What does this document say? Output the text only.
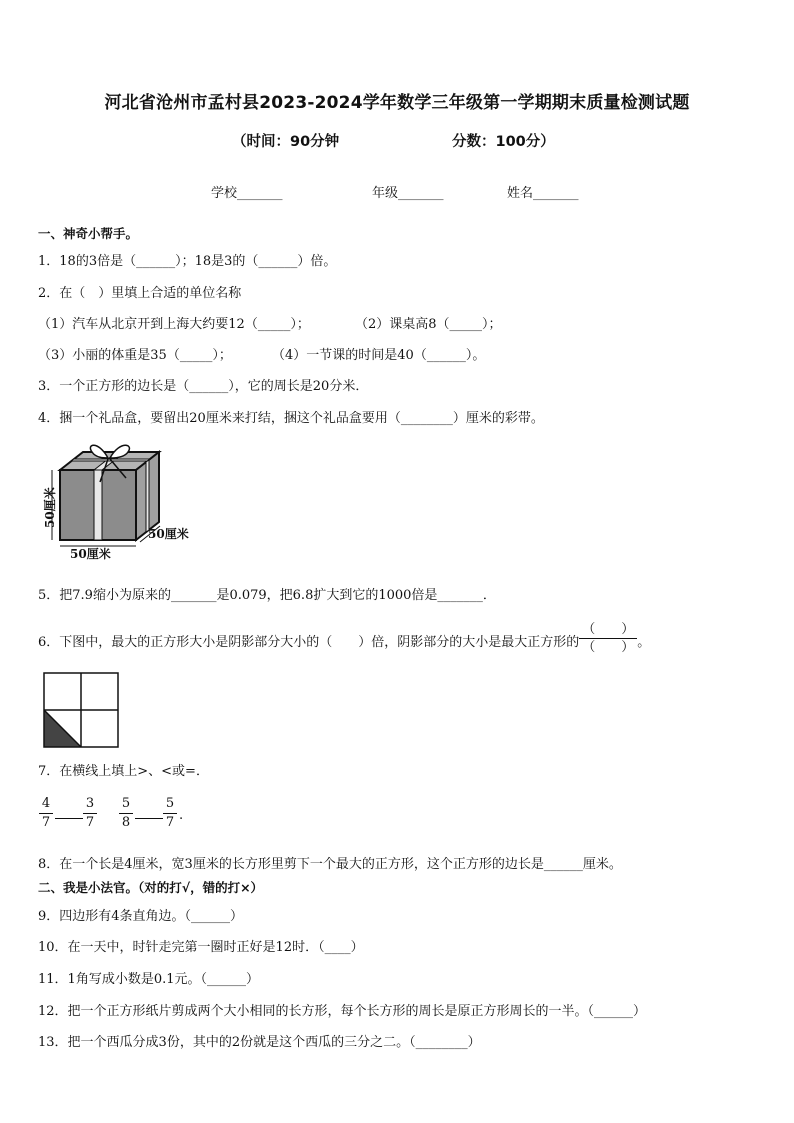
河北省沧州市孟村县2023-2024学年数学三年级第一学期期末质量检测试题
（时间：90分钟	分数：100分）
学校_______	年级_______	姓名_______
一、神奇小帮手。
1．18的3倍是（______）；18是3的（______）倍。
2．在（　）里填上合适的单位名称
（1）汽车从北京开到上海大约要12（_____）；	（2）课桌高8（_____）；
（3）小丽的体重是35（_____）；	（4）一节课的时间是40（______）。
3．一个正方形的边长是（______），它的周长是20分米．
4．捆一个礼品盒，要留出20厘米来打结，捆这个礼品盒要用（________）厘米的彩带。
50厘米
50厘米
50厘米
5．把7.9缩小为原来的_______是0.079，把6.8扩大到它的1000倍是_______．
6．下图中，最大的正方形大小是阴影部分大小的（　　）倍，阴影部分的大小是最大正方形的 $\frac{( )}{( )}$ 。
7．在横线上填上>、<或=．
4
7
3
7
5
8
5
7 .
8．在一个长是4厘米，宽3厘米的长方形里剪下一个最大的正方形，这个正方形的边长是______厘米。
二、我是小法官。（对的打√，错的打×）
9．四边形有4条直角边。（______）
10．在一天中，时针走完第一圈时正好是12时．（____）
11．1角写成小数是0.1元。（______）
12．把一个正方形纸片剪成两个大小相同的长方形，每个长方形的周长是原正方形周长的一半。（______）
13．把一个西瓜分成3份，其中的2份就是这个西瓜的三分之二。（________）
